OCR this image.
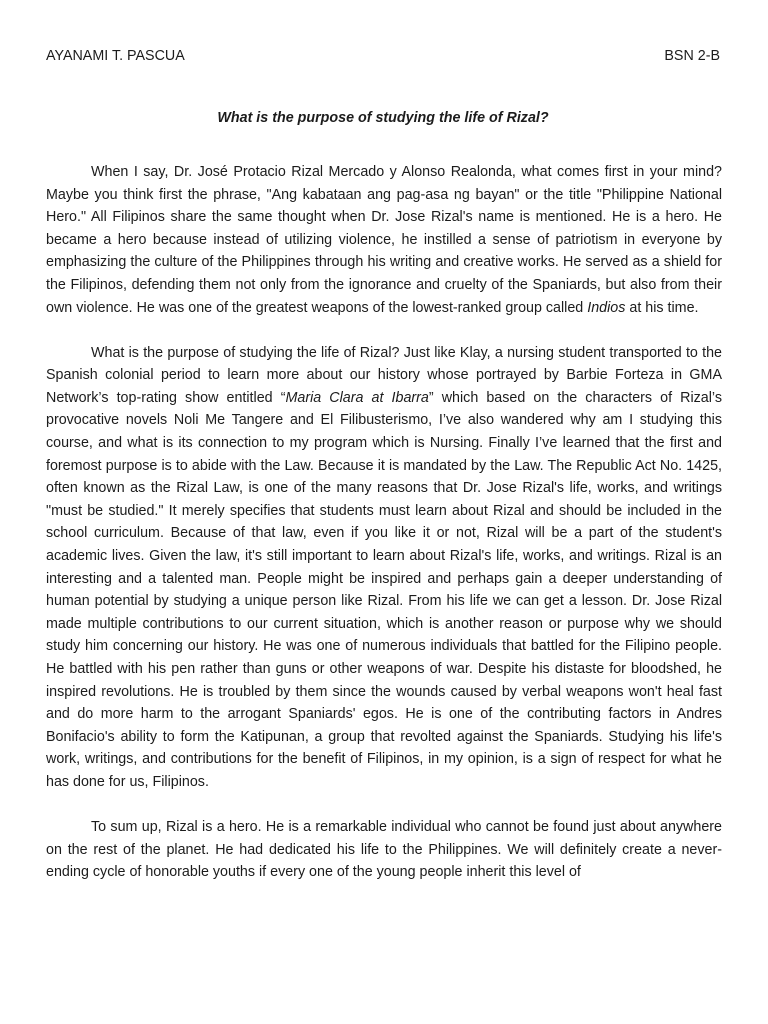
AYANAMI T. PASCUA	BSN 2-B
What is the purpose of studying the life of Rizal?

When I say, Dr. José Protacio Rizal Mercado y Alonso Realonda, what comes first in your mind? Maybe you think first the phrase, "Ang kabataan ang pag-asa ng bayan" or the title "Philippine National Hero." All Filipinos share the same thought when Dr. Jose Rizal's name is mentioned. He is a hero. He became a hero because instead of utilizing violence, he instilled a sense of patriotism in everyone by emphasizing the culture of the Philippines through his writing and creative works. He served as a shield for the Filipinos, defending them not only from the ignorance and cruelty of the Spaniards, but also from their own violence. He was one of the greatest weapons of the lowest-ranked group called Indios at his time.

What is the purpose of studying the life of Rizal? Just like Klay, a nursing student transported to the Spanish colonial period to learn more about our history whose portrayed by Barbie Forteza in GMA Network’s top-rating show entitled “Maria Clara at Ibarra” which based on the characters of Rizal’s provocative novels Noli Me Tangere and El Filibusterismo, I’ve also wandered why am I studying this course, and what is its connection to my program which is Nursing. Finally I’ve learned that the first and foremost purpose is to abide with the Law. Because it is mandated by the Law. The Republic Act No. 1425, often known as the Rizal Law, is one of the many reasons that Dr. Jose Rizal's life, works, and writings "must be studied." It merely specifies that students must learn about Rizal and should be included in the school curriculum. Because of that law, even if you like it or not, Rizal will be a part of the student's academic lives. Given the law, it's still important to learn about Rizal's life, works, and writings. Rizal is an interesting and a talented man. People might be inspired and perhaps gain a deeper understanding of human potential by studying a unique person like Rizal. From his life we can get a lesson. Dr. Jose Rizal made multiple contributions to our current situation, which is another reason or purpose why we should study him concerning our history. He was one of numerous individuals that battled for the Filipino people. He battled with his pen rather than guns or other weapons of war. Despite his distaste for bloodshed, he inspired revolutions. He is troubled by them since the wounds caused by verbal weapons won't heal fast and do more harm to the arrogant Spaniards' egos. He is one of the contributing factors in Andres Bonifacio's ability to form the Katipunan, a group that revolted against the Spaniards. Studying his life's work, writings, and contributions for the benefit of Filipinos, in my opinion, is a sign of respect for what he has done for us, Filipinos.

To sum up, Rizal is a hero. He is a remarkable individual who cannot be found just about anywhere on the rest of the planet. He had dedicated his life to the Philippines. We will definitely create a never-ending cycle of honorable youths if every one of the young people inherit this level of
